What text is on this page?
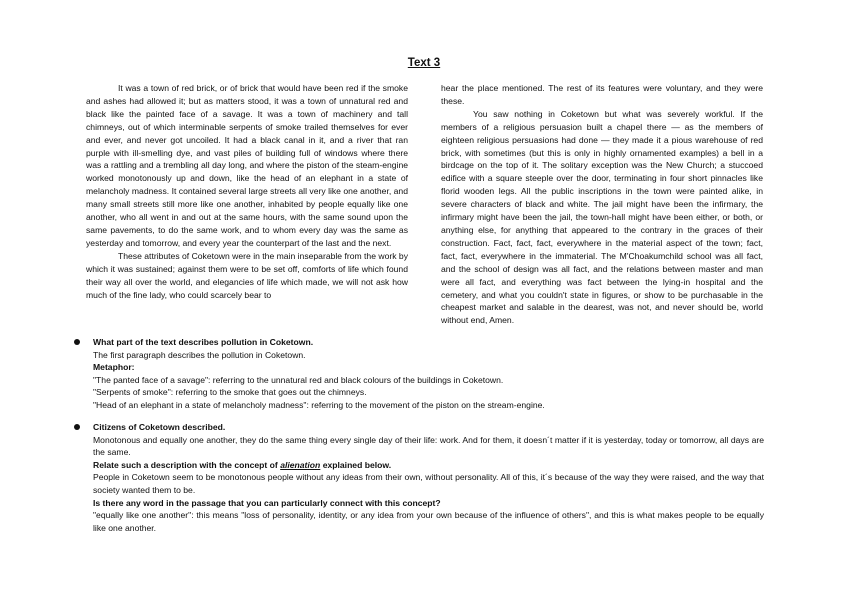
Text 3

It was a town of red brick, or of brick that would have been red if the smoke and ashes had allowed it; but as matters stood, it was a town of unnatural red and black like the painted face of a savage. It was a town of machinery and tall chimneys, out of which interminable serpents of smoke trailed themselves for ever and ever, and never got uncoiled. It had a black canal in it, and a river that ran purple with ill-smelling dye, and vast piles of building full of windows where there was a rattling and a trembling all day long, and where the piston of the steam-engine worked monotonously up and down, like the head of an elephant in a state of melancholy madness. It contained several large streets all very like one another, and many small streets still more like one another, inhabited by people equally like one another, who all went in and out at the same hours, with the same sound upon the same pavements, to do the same work, and to whom every day was the same as yesterday and tomorrow, and every year the counterpart of the last and the next.

These attributes of Coketown were in the main inseparable from the work by which it was sustained; against them were to be set off, comforts of life which found their way all over the world, and elegancies of life which made, we will not ask how much of the fine lady, who could scarcely bear to

hear the place mentioned. The rest of its features were voluntary, and they were these.

You saw nothing in Coketown but what was severely workful. If the members of a religious persuasion built a chapel there — as the members of eighteen religious persuasions had done — they made it a pious warehouse of red brick, with sometimes (but this is only in highly ornamented examples) a bell in a birdcage on the top of it. The solitary exception was the New Church; a stuccoed edifice with a square steeple over the door, terminating in four short pinnacles like florid wooden legs. All the public inscriptions in the town were painted alike, in severe characters of black and white. The jail might have been the infirmary, the infirmary might have been the jail, the town-hall might have been either, or both, or anything else, for anything that appeared to the contrary in the graces of their construction. Fact, fact, fact, everywhere in the material aspect of the town; fact, fact, fact, everywhere in the immaterial. The M'Choakumchild school was all fact, and the school of design was all fact, and the relations between master and man were all fact, and everything was fact between the lying-in hospital and the cemetery, and what you couldn't state in figures, or show to be purchasable in the cheapest market and salable in the dearest, was not, and never should be, world without end, Amen.

What part of the text describes pollution in Coketown.
The first paragraph describes the pollution in Coketown.
Metaphor:
"The panted face of a savage": referring to the unnatural red and black colours of the buildings in Coketown.
"Serpents of smoke": referring to the smoke that goes out the chimneys.
"Head of an elephant in a state of melancholy madness": referring to the movement of the piston on the stream-engine.
Citizens of Coketown described.
Monotonous and equally one another, they do the same thing every single day of their life: work. And for them, it doesn´t matter if it is yesterday, today or tomorrow, all days are the same.
Relate such a description with the concept of alienation explained below.
People in Coketown seem to be monotonous people without any ideas from their own, without personality. All of this, it´s because of the way they were raised, and the way that society wanted them to be.
Is there any word in the passage that you can particularly connect with this concept?
"equally like one another": this means "loss of personality, identity, or any idea from your own because of the influence of others", and this is what makes people to be equally like one another.
